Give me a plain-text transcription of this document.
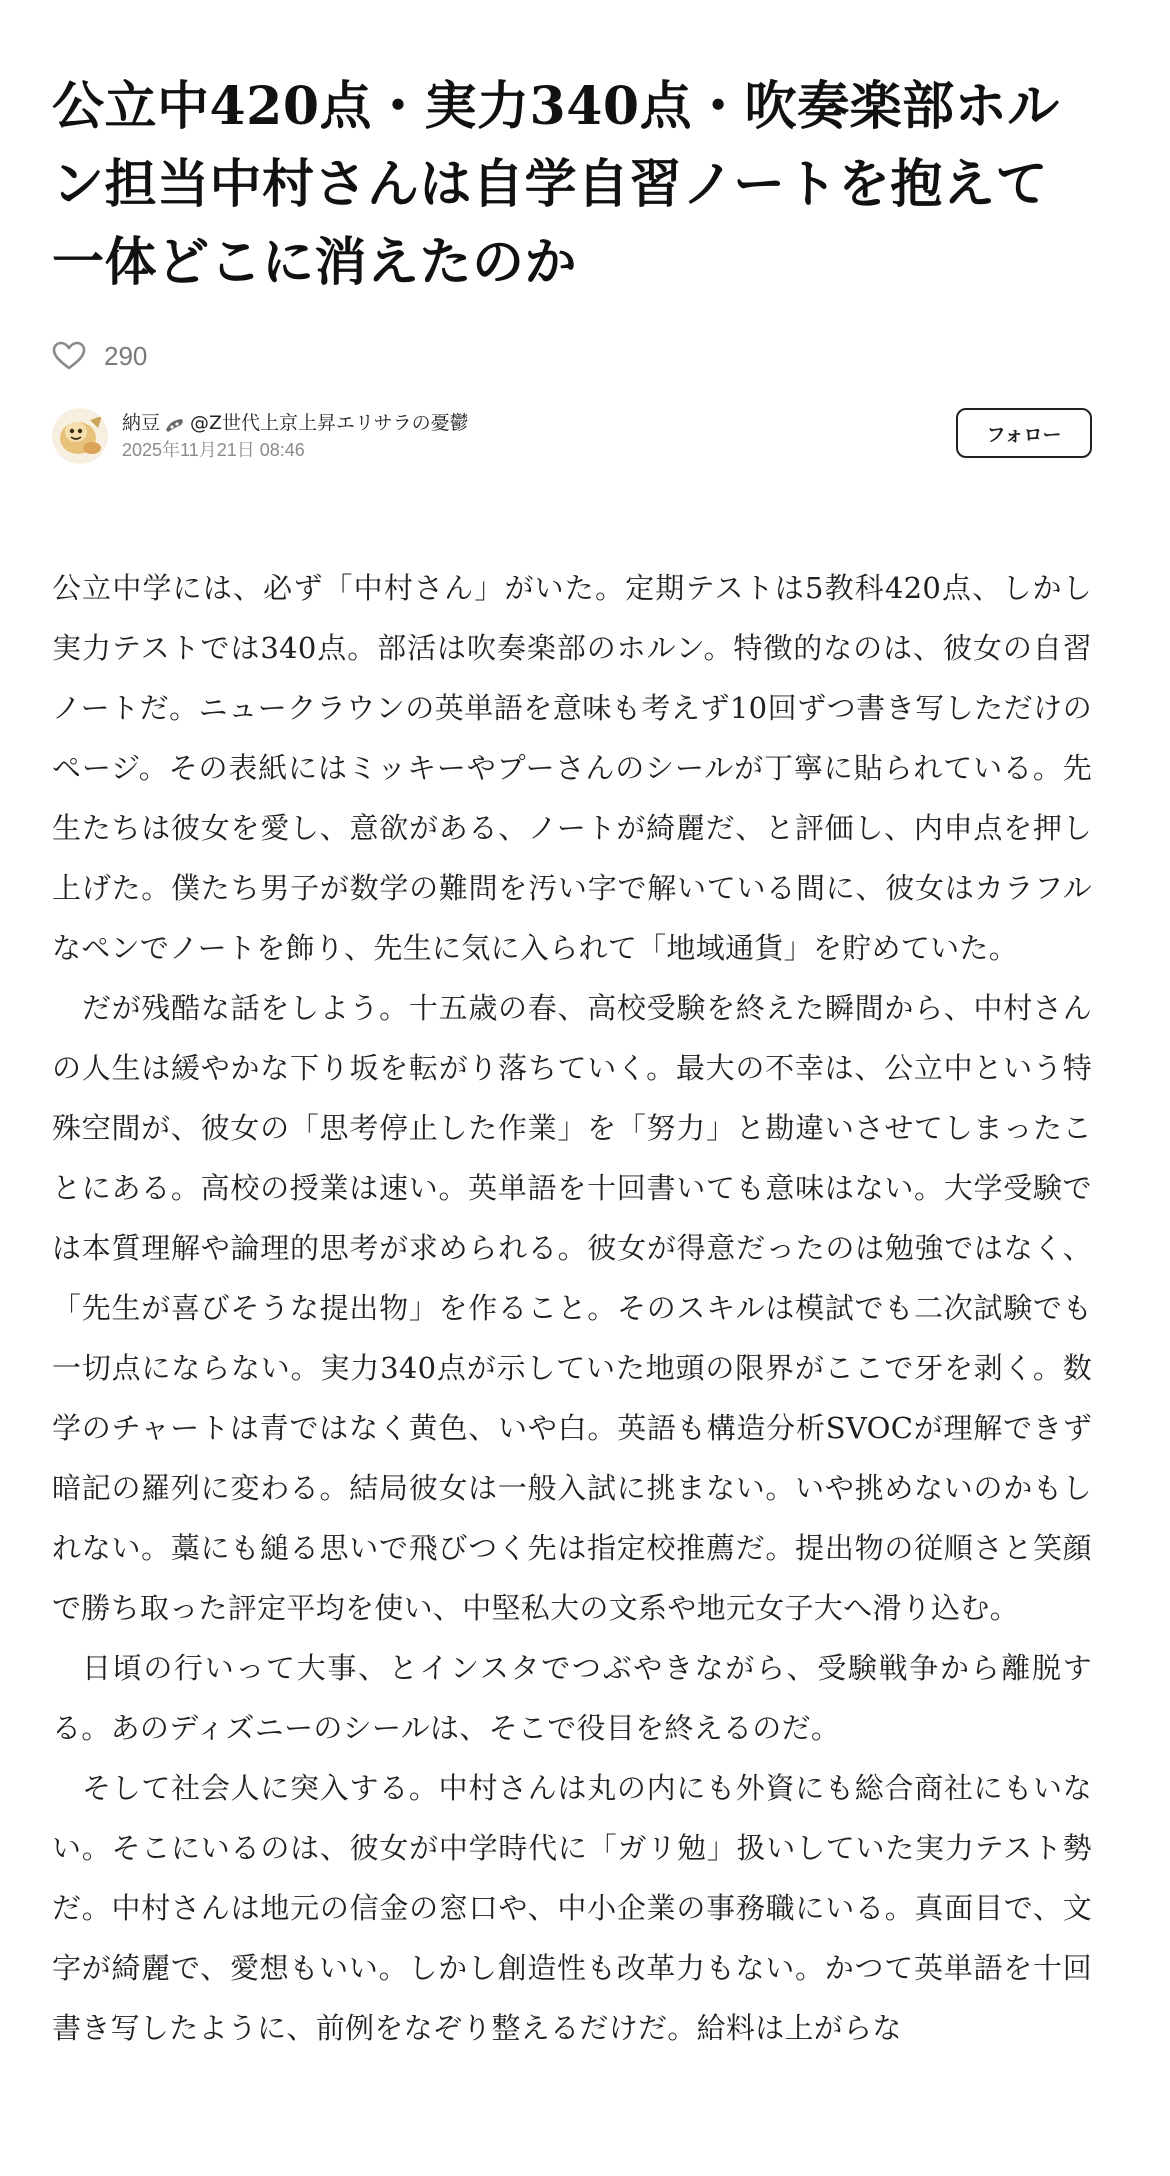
公立中420点・実力340点・吹奏楽部ホルン担当中村さんは自学自習ノートを抱えて一体どこに消えたのか
290
納豆 @Z世代上京上昇エリサラの憂鬱
2025年11月21日 08:46
フォロー

公立中学には、必ず「中村さん」がいた。定期テストは5教科420点、しかし実力テストでは340点。部活は吹奏楽部のホルン。特徴的なのは、彼女の自習ノートだ。ニュークラウンの英単語を意味も考えず10回ずつ書き写しただけのページ。その表紙にはミッキーやプーさんのシールが丁寧に貼られている。先生たちは彼女を愛し、意欲がある、ノートが綺麗だ、と評価し、内申点を押し上げた。僕たち男子が数学の難問を汚い字で解いている間に、彼女はカラフルなペンでノートを飾り、先生に気に入られて「地域通貨」を貯めていた。

だが残酷な話をしよう。十五歳の春、高校受験を終えた瞬間から、中村さんの人生は緩やかな下り坂を転がり落ちていく。最大の不幸は、公立中という特殊空間が、彼女の「思考停止した作業」を「努力」と勘違いさせてしまったことにある。高校の授業は速い。英単語を十回書いても意味はない。大学受験では本質理解や論理的思考が求められる。彼女が得意だったのは勉強ではなく、「先生が喜びそうな提出物」を作ること。そのスキルは模試でも二次試験でも一切点にならない。実力340点が示していた地頭の限界がここで牙を剥く。数学のチャートは青ではなく黄色、いや白。英語も構造分析SVOCが理解できず暗記の羅列に変わる。結局彼女は一般入試に挑まない。いや挑めないのかもしれない。藁にも縋る思いで飛びつく先は指定校推薦だ。提出物の従順さと笑顔で勝ち取った評定平均を使い、中堅私大の文系や地元女子大へ滑り込む。

日頃の行いって大事、とインスタでつぶやきながら、受験戦争から離脱する。あのディズニーのシールは、そこで役目を終えるのだ。

そして社会人に突入する。中村さんは丸の内にも外資にも総合商社にもいない。そこにいるのは、彼女が中学時代に「ガリ勉」扱いしていた実力テスト勢だ。中村さんは地元の信金の窓口や、中小企業の事務職にいる。真面目で、文字が綺麗で、愛想もいい。しかし創造性も改革力もない。かつて英単語を十回書き写したように、前例をなぞり整えるだけだ。給料は上がらな
